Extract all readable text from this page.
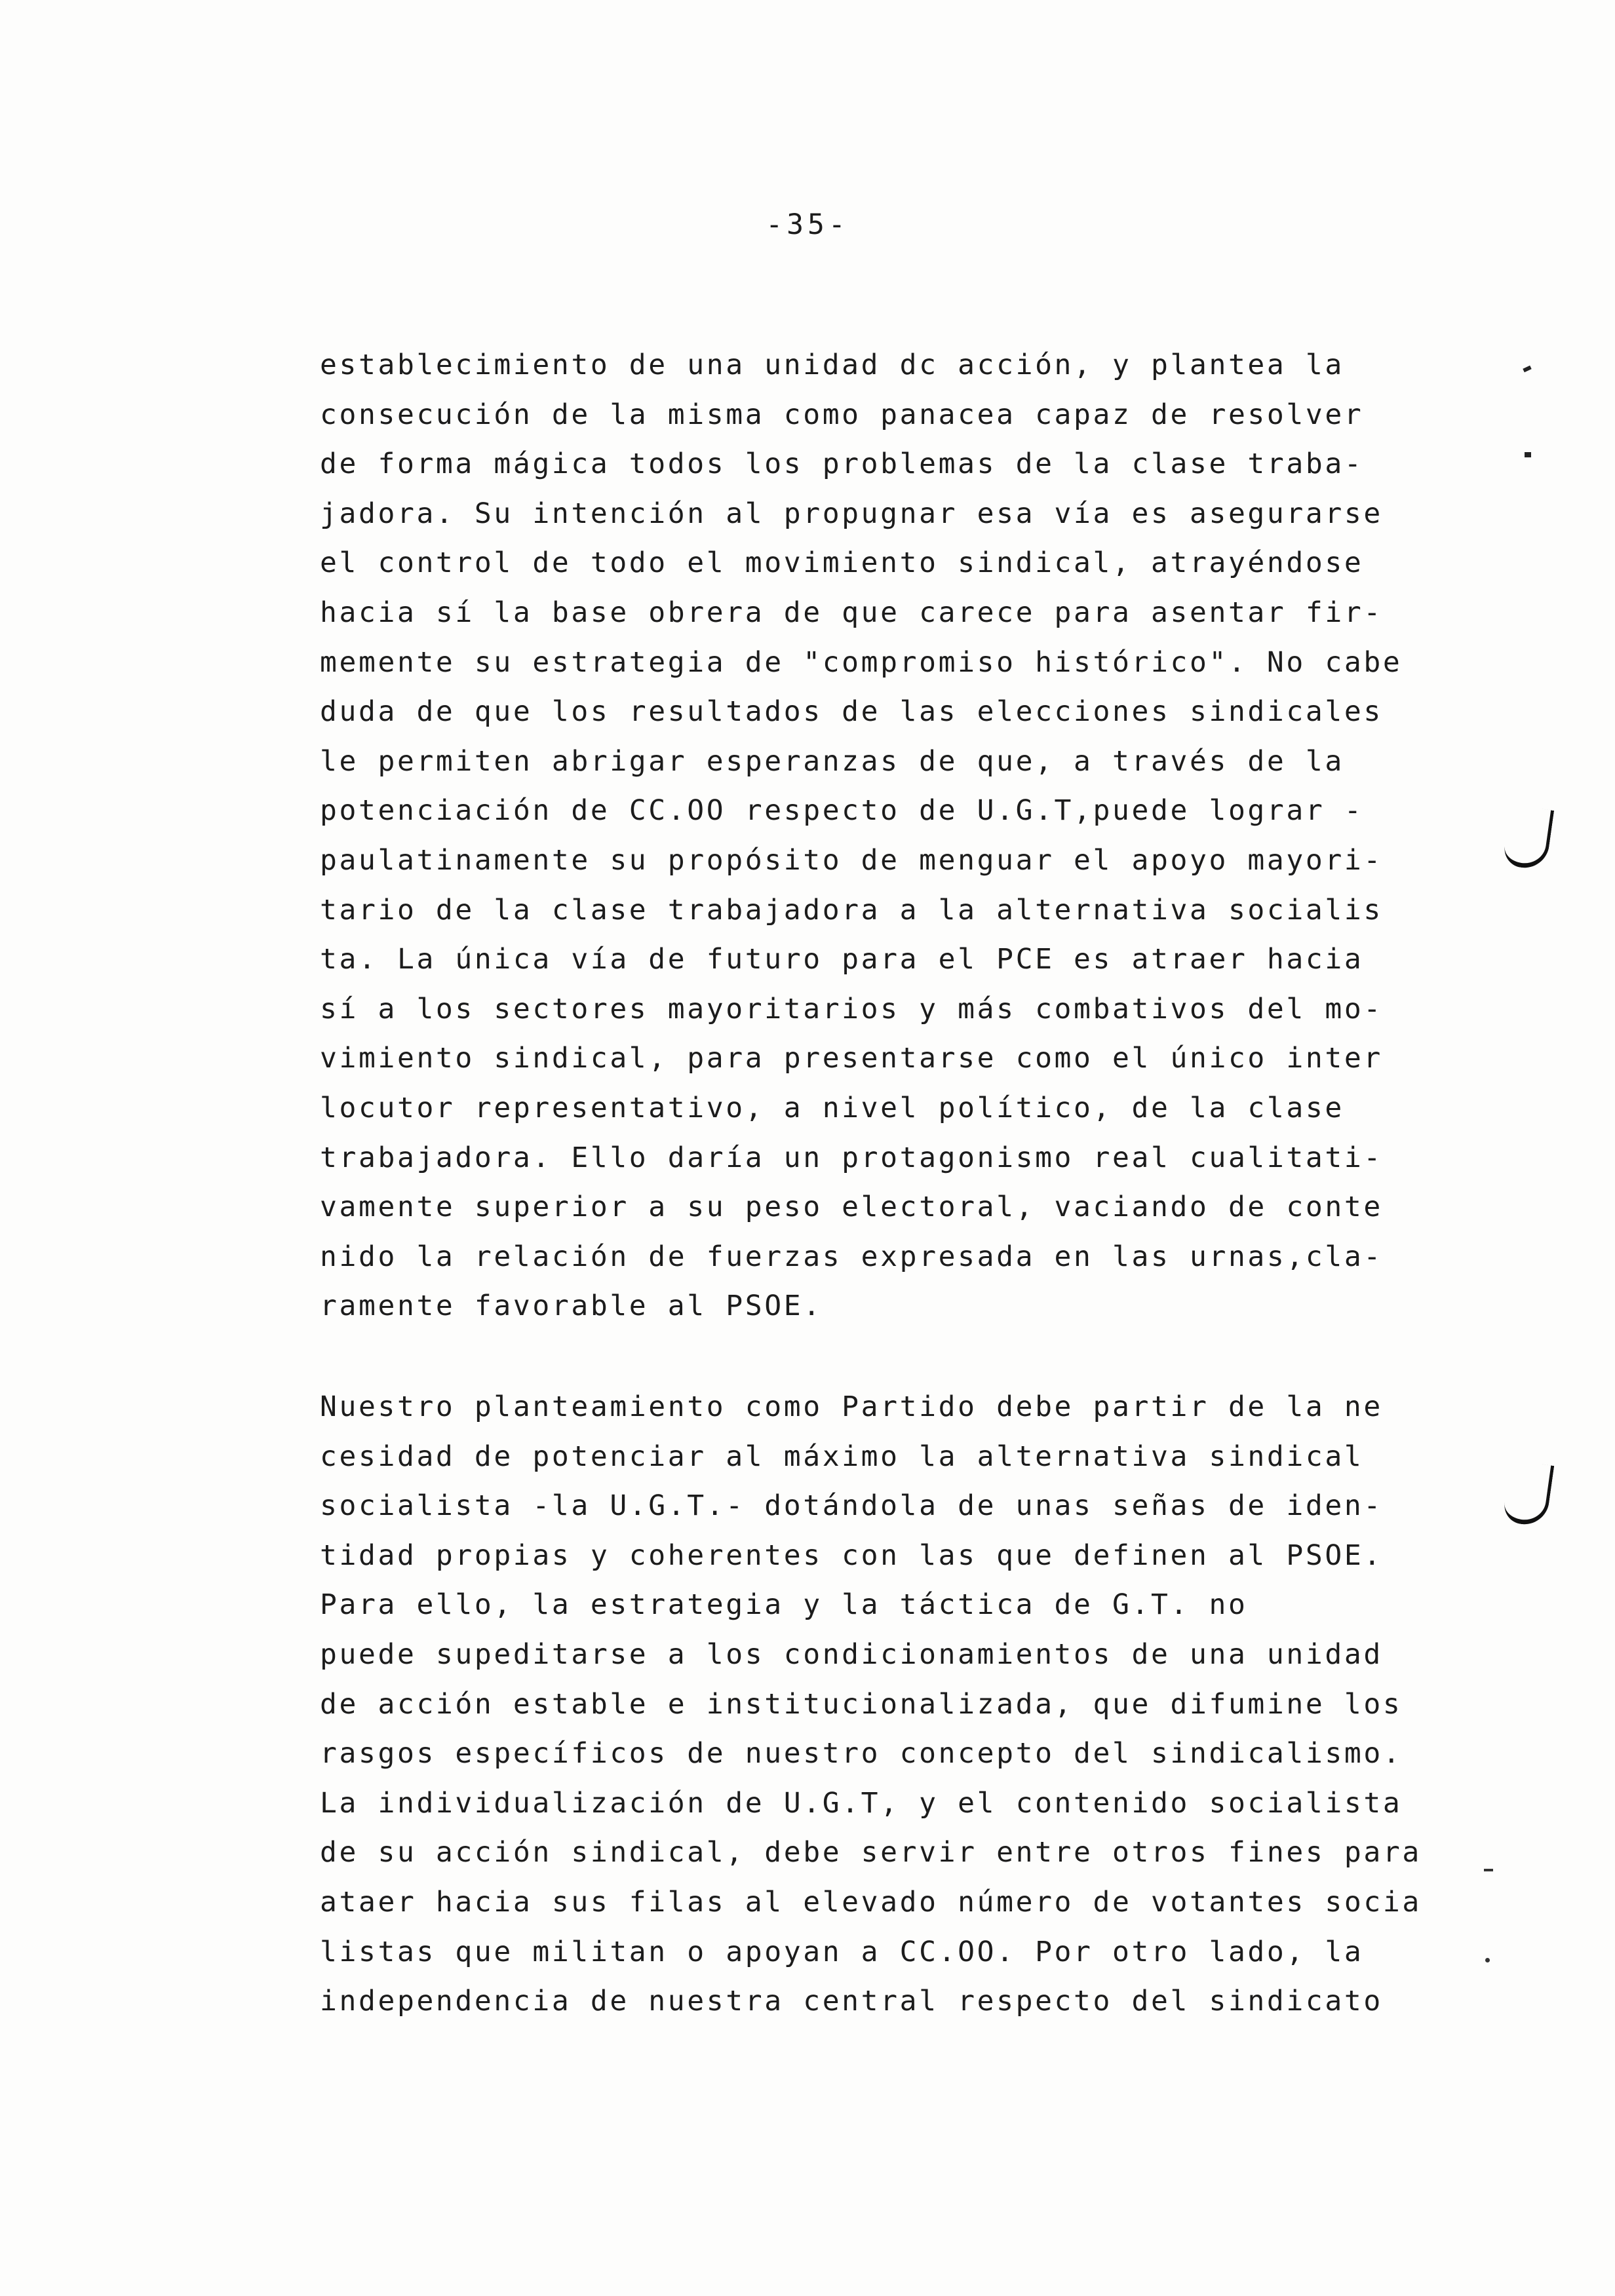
-35-
establecimiento de una unidad dc acción, y plantea la
consecución de la misma como panacea capaz de resolver
de forma mágica todos los problemas de la clase traba-
jadora. Su intención al propugnar esa vía es asegurarse
el control de todo el movimiento sindical, atrayéndose
hacia sí la base obrera de que carece para asentar fir-
memente su estrategia de "compromiso histórico". No cabe
duda de que los resultados de las elecciones sindicales
le permiten abrigar esperanzas de que, a través de la
potenciación de CC.OO respecto de U.G.T,puede lograr -
paulatinamente su propósito de menguar el apoyo mayori-
tario de la clase trabajadora a la alternativa socialis
ta. La única vía de futuro para el PCE es atraer hacia
sí a los sectores mayoritarios y más combativos del mo-
vimiento sindical, para presentarse como el único inter
locutor representativo, a nivel político, de la clase
trabajadora. Ello daría un protagonismo real cualitati-
vamente superior a su peso electoral, vaciando de conte
nido la relación de fuerzas expresada en las urnas,cla-
ramente favorable al PSOE.
Nuestro planteamiento como Partido debe partir de la ne
cesidad de potenciar al máximo la alternativa sindical
socialista -la U.G.T.- dotándola de unas señas de iden-
tidad propias y coherentes con las que definen al PSOE.
Para ello, la estrategia y la táctica de G.T. no
puede supeditarse a los condicionamientos de una unidad
de acción estable e institucionalizada, que difumine los
rasgos específicos de nuestro concepto del sindicalismo.
La individualización de U.G.T, y el contenido socialista
de su acción sindical, debe servir entre otros fines para
ataer hacia sus filas al elevado número de votantes socia
listas que militan o apoyan a CC.OO. Por otro lado, la
independencia de nuestra central respecto del sindicato
